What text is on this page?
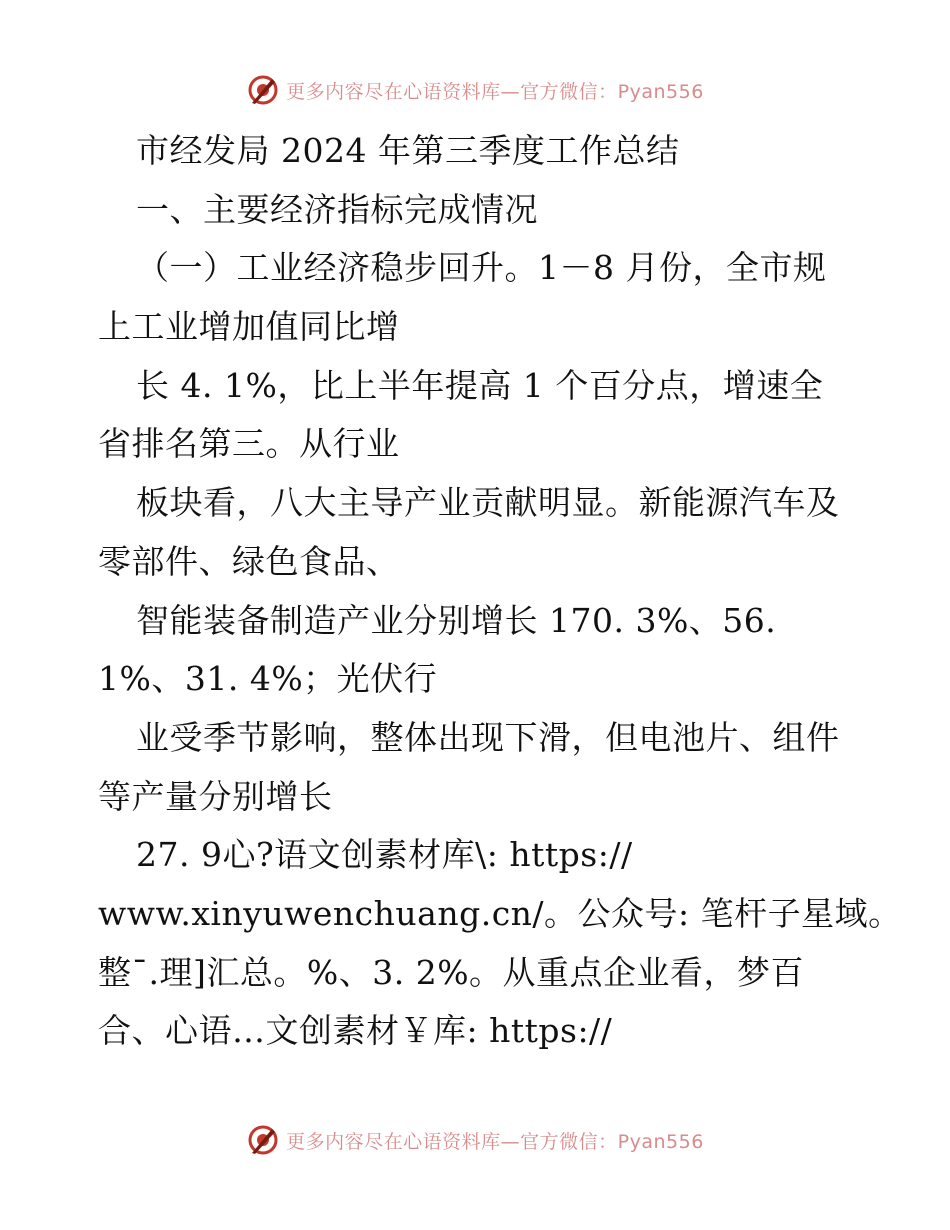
更多内容尽在心语资料库—官方微信：Pyan556
市经发局 2024 年第三季度工作总结
一、主要经济指标完成情况
（一）工业经济稳步回升。1－8 月份，全市规
上工业增加值同比增
长 4. 1%，比上半年提高 1 个百分点，增速全
省排名第三。从行业
板块看，八大主导产业贡献明显。新能源汽车及
零部件、绿色食品、
智能装备制造产业分别增长 170. 3%、56.
1%、31. 4%；光伏行
业受季节影响，整体出现下滑，但电池片、组件
等产量分别增长
27. 9心?语文创素材库\: https://
www.xinyuwenchuang.cn/。公众号: 笔杆子星域。
整¯.理]汇总。%、3. 2%。从重点企业看，梦百
合、心语…文创素材￥库: https://
更多内容尽在心语资料库—官方微信：Pyan556
